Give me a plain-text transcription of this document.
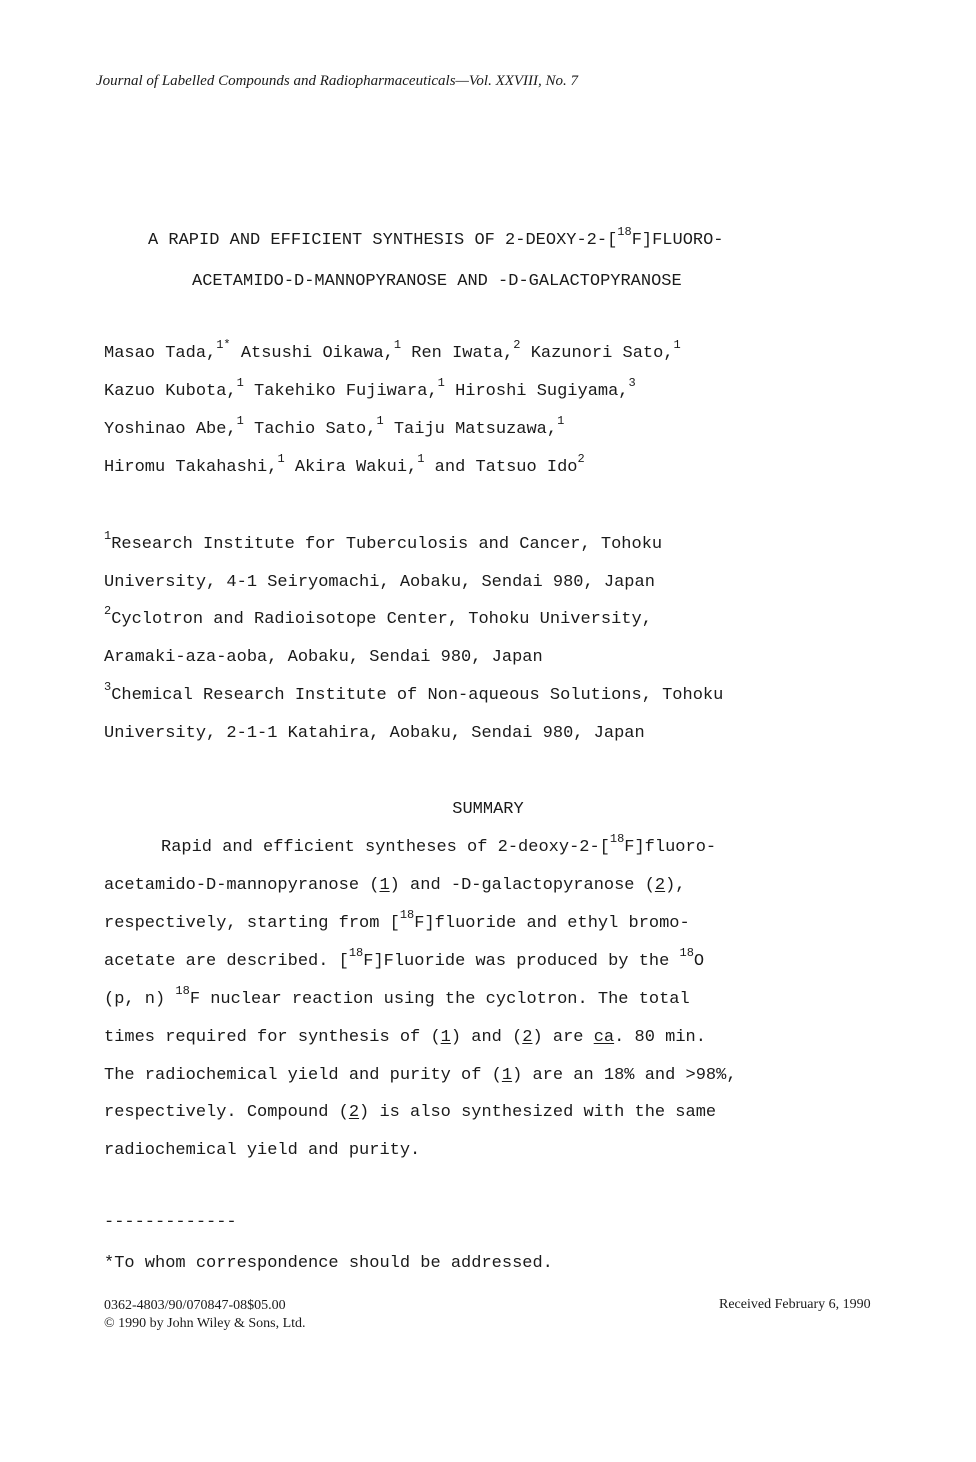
Journal of Labelled Compounds and Radiopharmaceuticals—Vol. XXVIII, No. 7
A RAPID AND EFFICIENT SYNTHESIS OF 2-DEOXY-2-[$^{18}$F]FLUORO-
ACETAMIDO-D-MANNOPYRANOSE AND -D-GALACTOPYRANOSE
Masao Tada,$^{1*}$ Atsushi Oikawa,$^1$ Ren Iwata,$^2$ Kazunori Sato,$^1$
Kazuo Kubota,$^1$ Takehiko Fujiwara,$^1$ Hiroshi Sugiyama,$^3$
Yoshinao Abe,$^1$ Tachio Sato,$^1$ Taiju Matsuzawa,$^1$
Hiromu Takahashi,$^1$ Akira Wakui,$^1$ and Tatsuo Ido$^2$
$^1$Research Institute for Tuberculosis and Cancer, Tohoku
University, 4-1 Seiryomachi, Aobaku, Sendai 980, Japan
$^2$Cyclotron and Radioisotope Center, Tohoku University,
Aramaki-aza-aoba, Aobaku, Sendai 980, Japan
$^3$Chemical Research Institute of Non-aqueous Solutions, Tohoku
University, 2-1-1 Katahira, Aobaku, Sendai 980, Japan
SUMMARY
Rapid and efficient syntheses of 2-deoxy-2-[$^{18}$F]fluoro-
acetamido-D-mannopyranose (1) and -D-galactopyranose (2),
respectively, starting from [$^{18}$F]fluoride and ethyl bromo-
acetate are described. [$^{18}$F]Fluoride was produced by the $^{18}$O
(p, n) $^{18}$F nuclear reaction using the cyclotron. The total
times required for synthesis of (1) and (2) are ca. 80 min.
The radiochemical yield and purity of (1) are an 18% and >98%,
respectively. Compound (2) is also synthesized with the same
radiochemical yield and purity.
-------------
*To whom correspondence should be addressed.
0362-4803/90/070847-08$05.00
© 1990 by John Wiley & Sons, Ltd.
Received February 6, 1990
